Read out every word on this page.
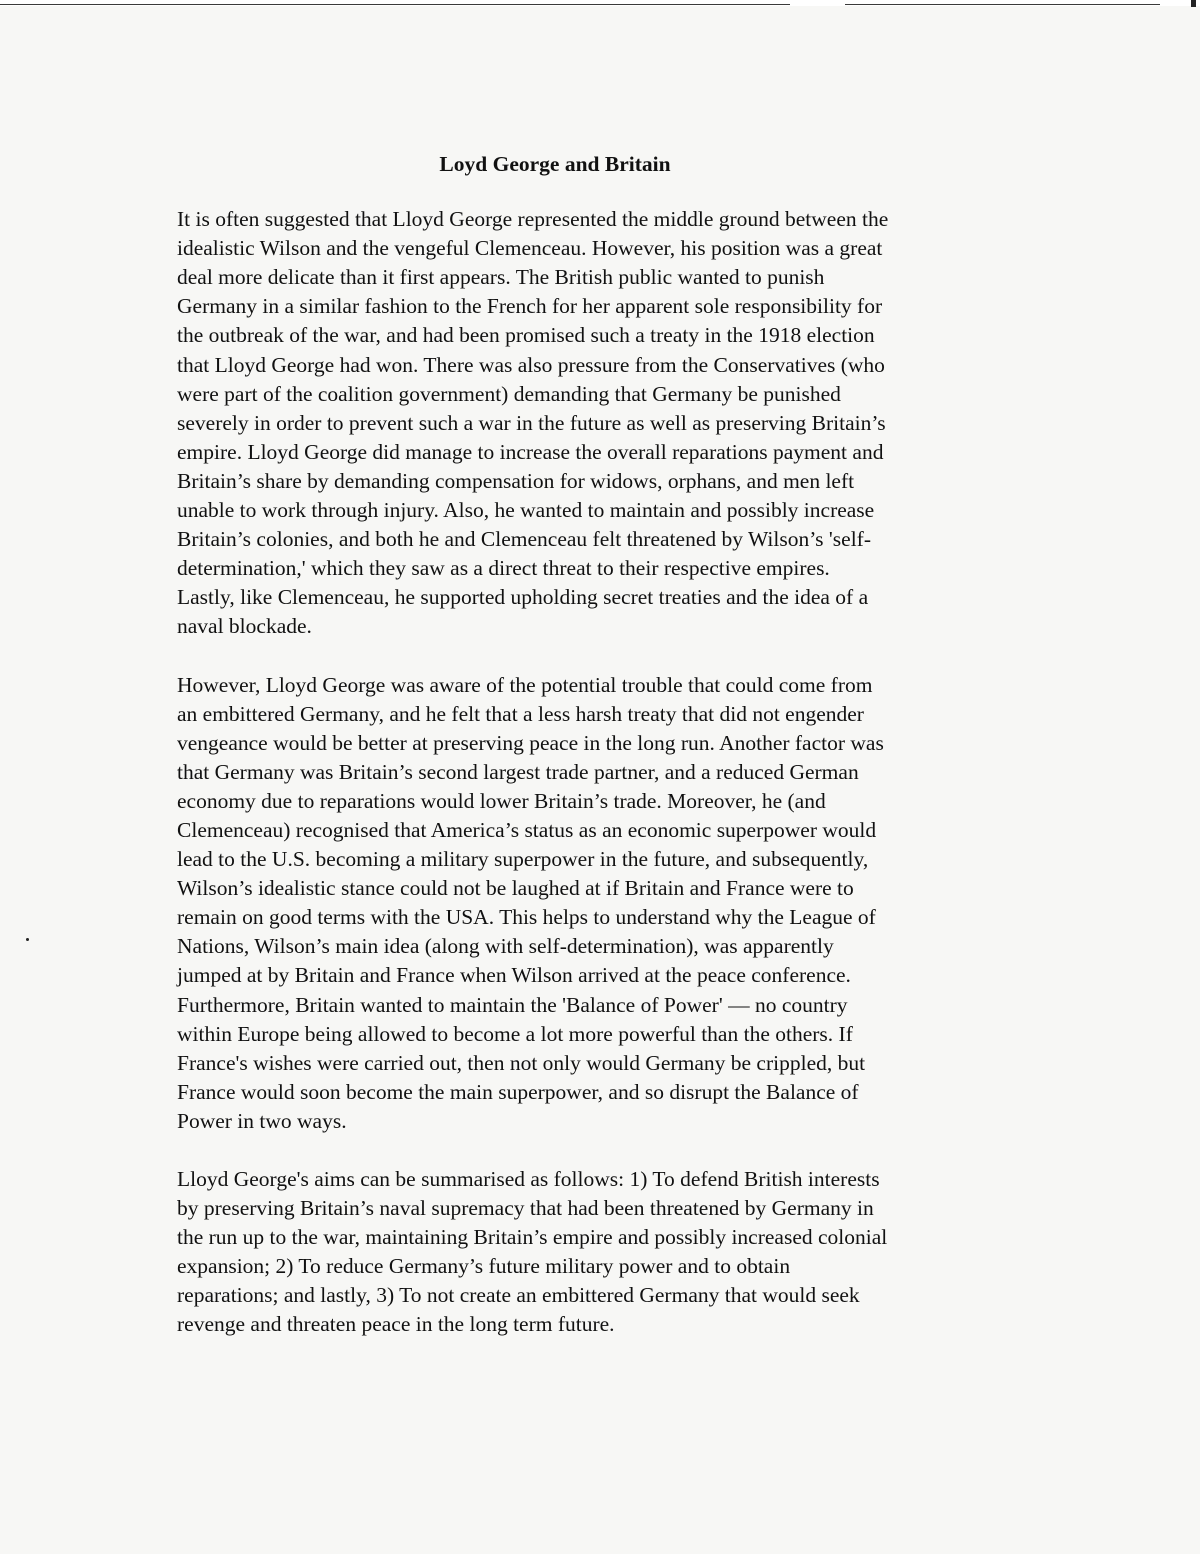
Loyd George and Britain
It is often suggested that Lloyd George represented the middle ground between the
idealistic Wilson and the vengeful Clemenceau. However, his position was a great
deal more delicate than it first appears. The British public wanted to punish
Germany in a similar fashion to the French for her apparent sole responsibility for
the outbreak of the war, and had been promised such a treaty in the 1918 election
that Lloyd George had won. There was also pressure from the Conservatives (who
were part of the coalition government) demanding that Germany be punished
severely in order to prevent such a war in the future as well as preserving Britain’s
empire. Lloyd George did manage to increase the overall reparations payment and
Britain’s share by demanding compensation for widows, orphans, and men left
unable to work through injury. Also, he wanted to maintain and possibly increase
Britain’s colonies, and both he and Clemenceau felt threatened by Wilson’s 'self-
determination,' which they saw as a direct threat to their respective empires.
Lastly, like Clemenceau, he supported upholding secret treaties and the idea of a
naval blockade.
However, Lloyd George was aware of the potential trouble that could come from
an embittered Germany, and he felt that a less harsh treaty that did not engender
vengeance would be better at preserving peace in the long run. Another factor was
that Germany was Britain’s second largest trade partner, and a reduced German
economy due to reparations would lower Britain’s trade. Moreover, he (and
Clemenceau) recognised that America’s status as an economic superpower would
lead to the U.S. becoming a military superpower in the future, and subsequently,
Wilson’s idealistic stance could not be laughed at if Britain and France were to
remain on good terms with the USA. This helps to understand why the League of
Nations, Wilson’s main idea (along with self-determination), was apparently
jumped at by Britain and France when Wilson arrived at the peace conference.
Furthermore, Britain wanted to maintain the 'Balance of Power' — no country
within Europe being allowed to become a lot more powerful than the others. If
France's wishes were carried out, then not only would Germany be crippled, but
France would soon become the main superpower, and so disrupt the Balance of
Power in two ways.
Lloyd George's aims can be summarised as follows: 1) To defend British interests
by preserving Britain’s naval supremacy that had been threatened by Germany in
the run up to the war, maintaining Britain’s empire and possibly increased colonial
expansion; 2) To reduce Germany’s future military power and to obtain
reparations; and lastly, 3) To not create an embittered Germany that would seek
revenge and threaten peace in the long term future.
